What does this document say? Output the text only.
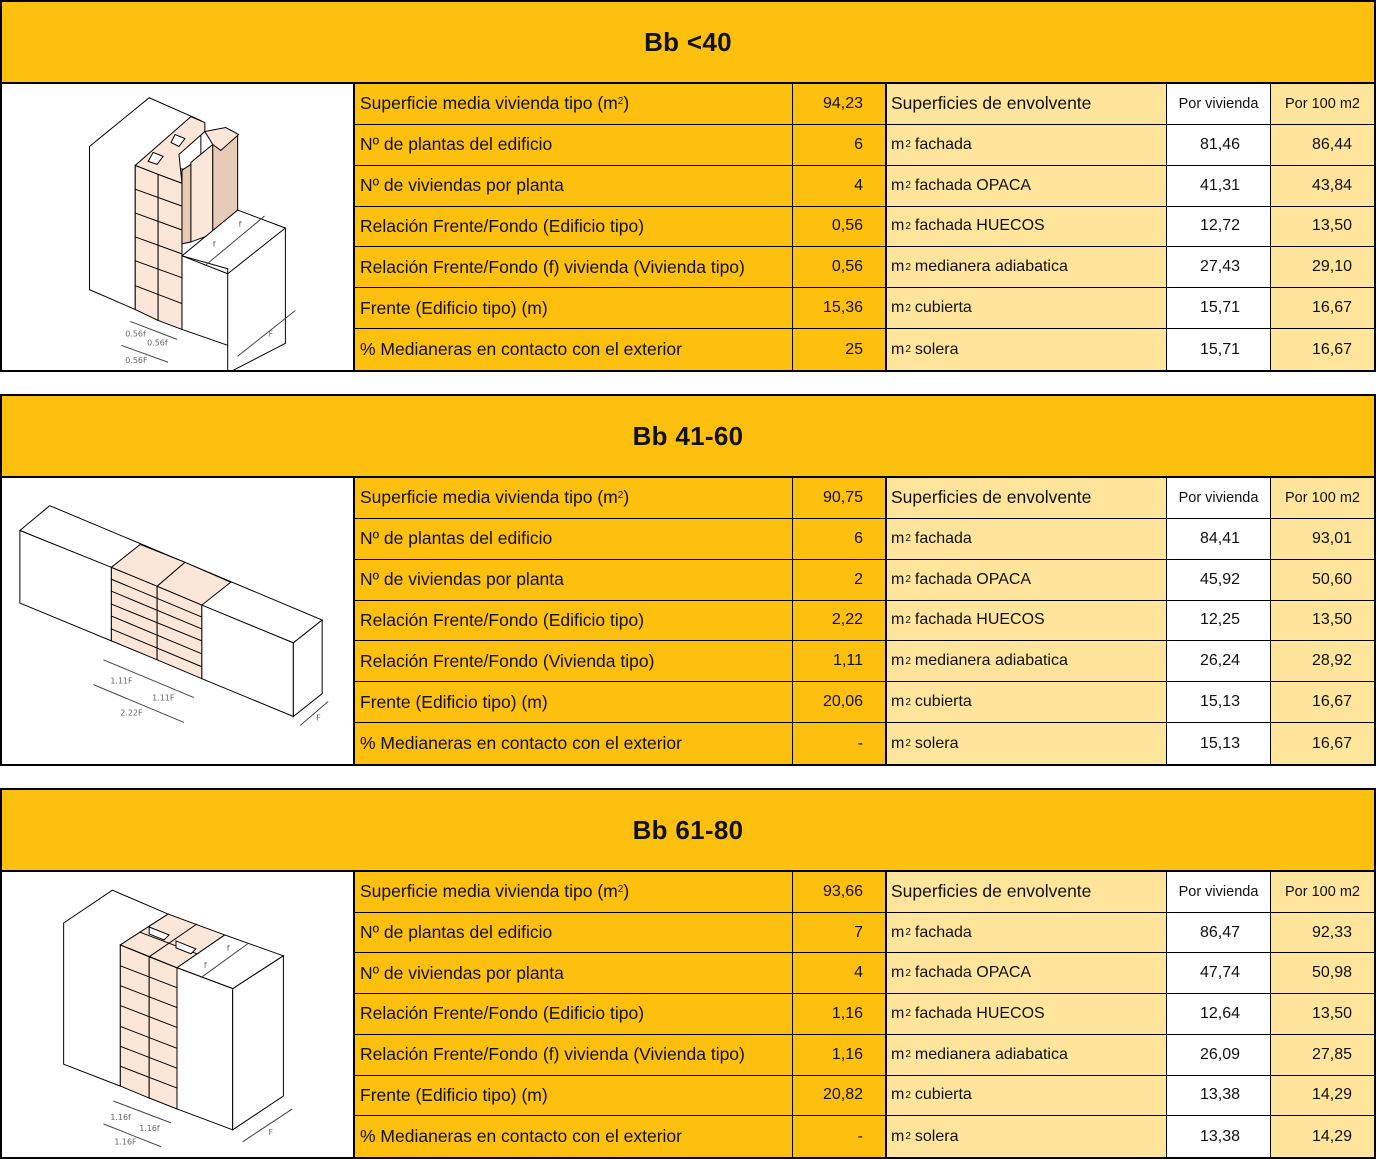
Bb <40
f
f
0.56f
0.56f
0.56F
F
Superficie media vivienda tipo ($m^2$ )	94,23	Superficies de envolvente	Por vivienda	Por 100 m2
Nº de plantas del edificio	6	m 2 fachada	81,46	86,44
Nº de viviendas por planta	4	m 2 fachada OPACA	41,31	43,84
Relación Frente/Fondo (Edificio tipo)	0,56	m 2 fachada HUECOS	12,72	13,50
Relación Frente/Fondo (f) vivienda (Vivienda tipo)	0,56	m 2 medianera adiabatica	27,43	29,10
Frente (Edificio tipo) (m)	15,36	m 2 cubierta	15,71	16,67
% Medianeras en contacto con el exterior	25	m 2 solera	15,71	16,67
Bb 41-60
1.11F
1.11F
2.22F
F
Superficie media vivienda tipo ($m^2$ )	90,75	Superficies de envolvente	Por vivienda	Por 100 m2
Nº de plantas del edificio	6	m 2 fachada	84,41	93,01
Nº de viviendas por planta	2	m 2 fachada OPACA	45,92	50,60
Relación Frente/Fondo (Edificio tipo)	2,22	m 2 fachada HUECOS	12,25	13,50
Relación Frente/Fondo (Vivienda tipo)	1,11	m 2 medianera adiabatica	26,24	28,92
Frente (Edificio tipo) (m)	20,06	m 2 cubierta	15,13	16,67
% Medianeras en contacto con el exterior	-	m 2 solera	15,13	16,67
Bb 61-80
f
f
1.16f
1.16f
1.16F
F
Superficie media vivienda tipo ($m^2$ )	93,66	Superficies de envolvente	Por vivienda	Por 100 m2
Nº de plantas del edificio	7	m 2 fachada	86,47	92,33
Nº de viviendas por planta	4	m 2 fachada OPACA	47,74	50,98
Relación Frente/Fondo (Edificio tipo)	1,16	m 2 fachada HUECOS	12,64	13,50
Relación Frente/Fondo (f) vivienda (Vivienda tipo)	1,16	m 2 medianera adiabatica	26,09	27,85
Frente (Edificio tipo) (m)	20,82	m 2 cubierta	13,38	14,29
% Medianeras en contacto con el exterior	-	m 2 solera	13,38	14,29
